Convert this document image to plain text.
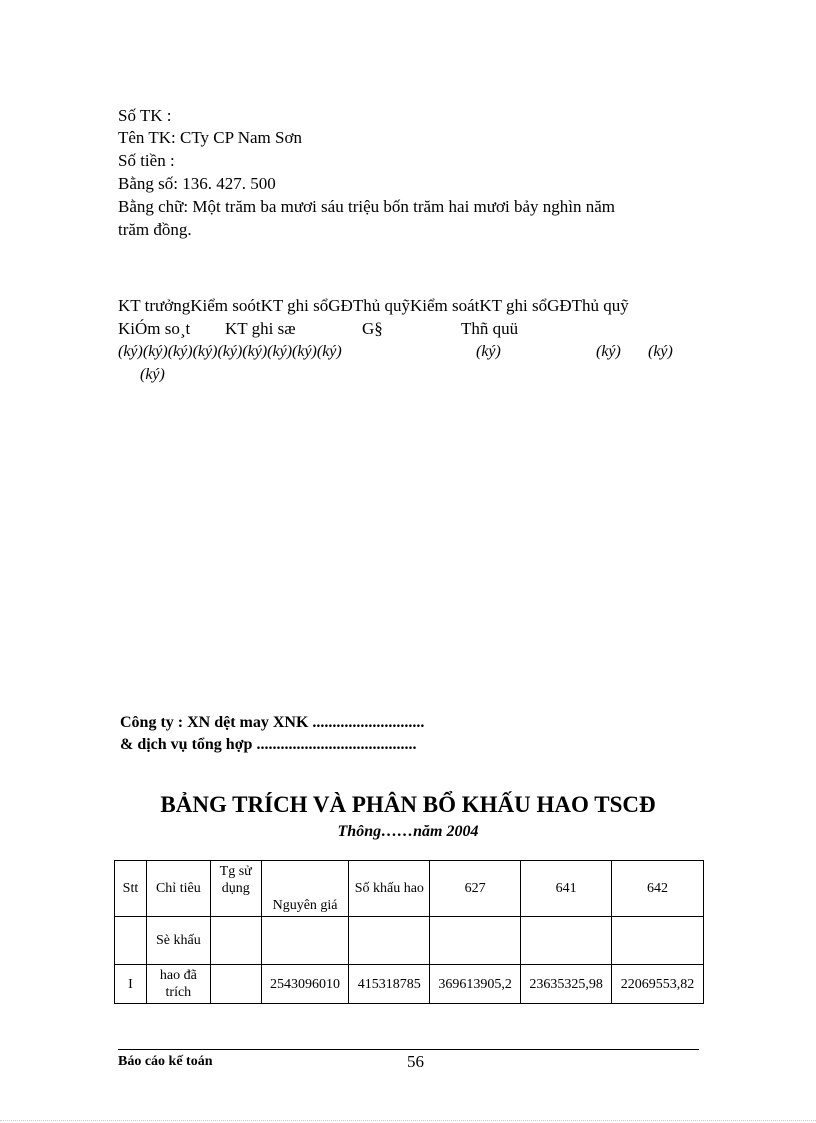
Số TK :
Tên TK: CTy CP Nam Sơn
Số tiền :
Bằng số: 136. 427. 500
Bằng chữ: Một trăm ba mươi sáu triệu bốn trăm hai mươi bảy nghìn năm
trăm đồng.
KT trưởngKiểm soótKT ghi sổGĐThủ quỹKiểm soátKT ghi sổGĐThủ quỹ
KiÓm so¸t KT ghi sæ	G§	Thñ quü
(ký)(ký)(ký)(ký)(ký)(ký)(ký)(ký)(ký)	(ký)	(ký) (ký)
(ký)
Công ty : XN dệt may XNK ............................
& dịch vụ tổng hợp ........................................
BẢNG TRÍCH VÀ PHÂN BỔ KHẤU HAO TSCĐ
Thông……năm 2004
Stt	Chỉ tiêu	Tg sử dụng	Nguyên giá	Số khấu hao	627	641	642
	Sè khấu						
I	hao đã trích		2543096010	415318785	369613905,2	23635325,98	22069553,82
Báo cáo kế toán	56
